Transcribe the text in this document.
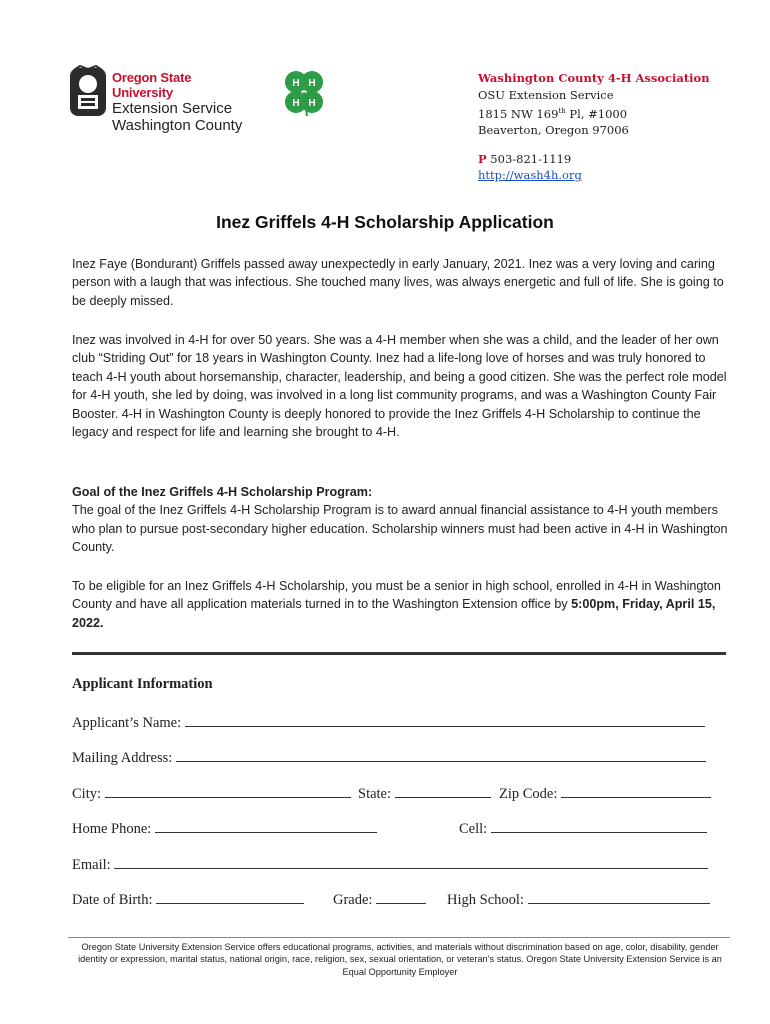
Oregon State University
Extension Service
Washington County
H H
H H
Washington County 4-H Association
OSU Extension Service
1815 NW 169th Pl, #1000
Beaverton, Oregon 97006
P 503-821-1119
http://wash4h.org
Inez Griffels 4-H Scholarship Application
Inez Faye (Bondurant) Griffels passed away unexpectedly in early January, 2021. Inez was a very loving and caring person with a laugh that was infectious. She touched many lives, was always energetic and full of life. She is going to be deeply missed.
Inez was involved in 4-H for over 50 years. She was a 4-H member when she was a child, and the leader of her own club “Striding Out” for 18 years in Washington County. Inez had a life-long love of horses and was truly honored to teach 4-H youth about horsemanship, character, leadership, and being a good citizen. She was the perfect role model for 4-H youth, she led by doing, was involved in a long list community programs, and was a Washington County Fair Booster. 4-H in Washington County is deeply honored to provide the Inez Griffels 4-H Scholarship to continue the legacy and respect for life and learning she brought to 4-H.
Goal of the Inez Griffels 4-H Scholarship Program:
The goal of the Inez Griffels 4-H Scholarship Program is to award annual financial assistance to 4-H youth members who plan to pursue post-secondary higher education. Scholarship winners must had been active in 4-H in Washington County.
To be eligible for an Inez Griffels 4-H Scholarship, you must be a senior in high school, enrolled in 4-H in Washington County and have all application materials turned in to the Washington Extension office by 5:00pm, Friday, April 15, 2022.
Applicant Information
Applicant’s Name:
Mailing Address:
City:	State:	Zip Code:
Home Phone:	Cell:
Email:
Date of Birth:	Grade:	High School:
Oregon State University Extension Service offers educational programs, activities, and materials without discrimination based on age, color, disability, gender identity or expression, marital status, national origin, race, religion, sex, sexual orientation, or veteran’s status. Oregon State University Extension Service is an Equal Opportunity Employer
